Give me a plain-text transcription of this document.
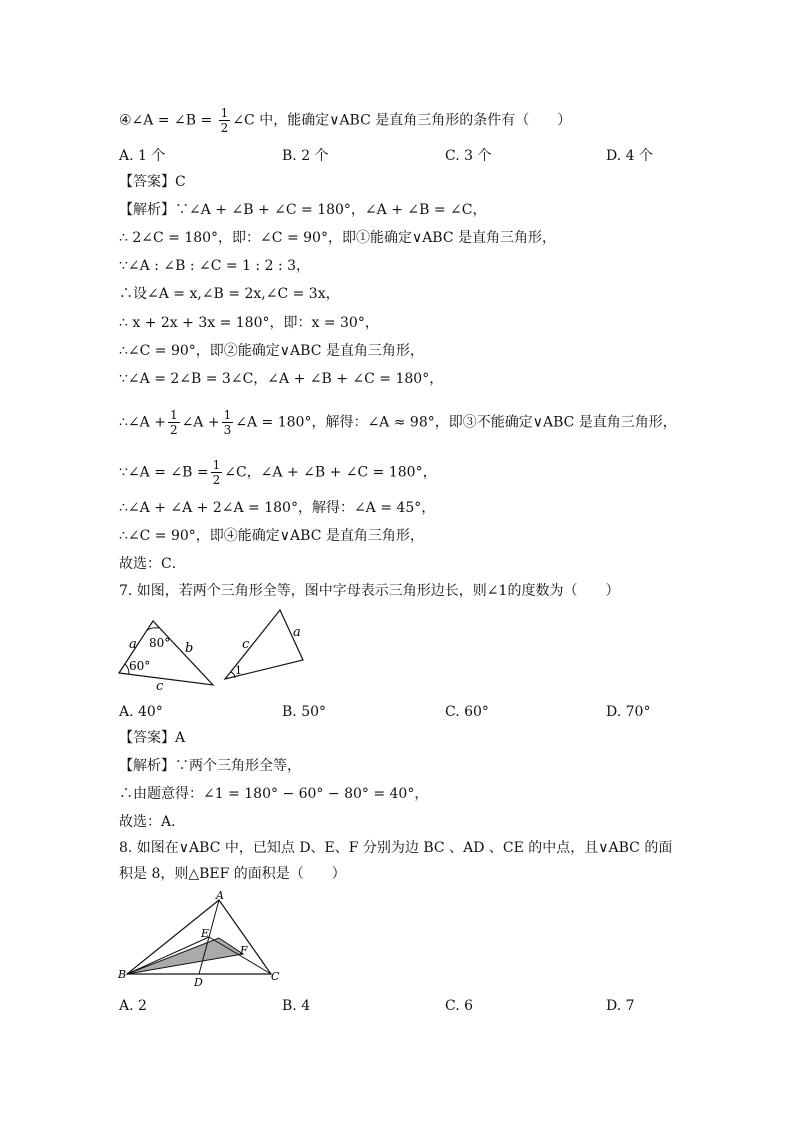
④∠A = ∠B = $\frac{1}{2}$ ∠C 中，能确定∨ABC 是直角三角形的条件有（　　）
A. 1 个	B. 2 个	C. 3 个	D. 4 个
【答案】C
【解析】∵∠A + ∠B + ∠C = 180°，∠A + ∠B = ∠C，
∴ 2∠C = 180°，即：∠C = 90°，即①能确定∨ABC 是直角三角形，
∵∠A : ∠B : ∠C = 1 : 2 : 3，
∴设∠A = x,∠B = 2x,∠C = 3x，
∴ x + 2x + 3x = 180°，即：x = 30°，
∴∠C = 90°，即②能确定∨ABC 是直角三角形，
∵∠A = 2∠B = 3∠C，∠A + ∠B + ∠C = 180°，
∴∠A + $\frac{1}{2}$ ∠A + $\frac{1}{3}$ ∠A = 180°，解得：∠A ≈ 98°，即③不能确定∨ABC 是直角三角形，
∵∠A = ∠B = $\frac{1}{2}$ ∠C，∠A + ∠B + ∠C = 180°，
∴∠A + ∠A + 2∠A = 180°，解得：∠A = 45°，
∴∠C = 90°，即④能确定∨ABC 是直角三角形，
故选：C．
7. 如图，若两个三角形全等，图中字母表示三角形边长，则∠1的度数为（　　）
a 80° b
60°
c
c
a
1
A. 40°	B. 50°	C. 60°	D. 70°
【答案】A
【解析】∵两个三角形全等，
∴由题意得：∠1 = 180° − 60° − 80° = 40°，
故选：A．
8. 如图在∨ABC 中，已知点 D、E、F 分别为边 BC 、AD 、CE 的中点，且∨ABC 的面
积是 8，则△BEF 的面积是（　　）
A
E
F
B	C
D
A. 2	B. 4	C. 6	D. 7
